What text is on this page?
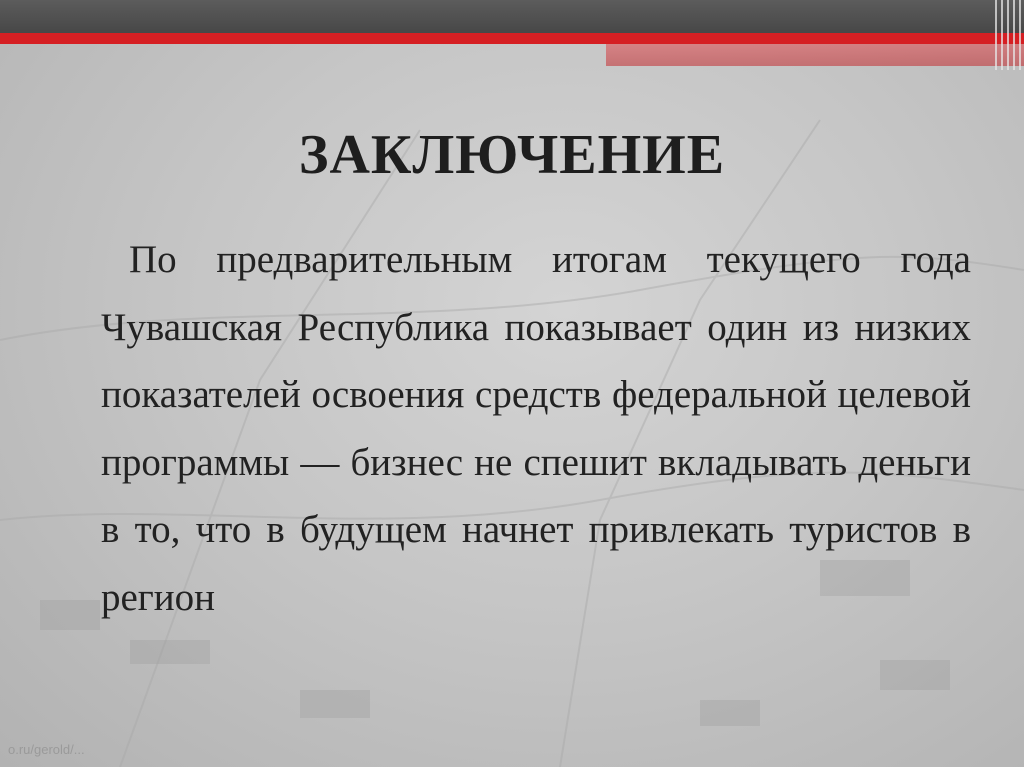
ЗАКЛЮЧЕНИЕ

По предварительным итогам текущего года Чувашская Республика показывает один из низких показателей освоения средств федеральной целевой программы — бизнес не спешит вкладывать деньги в то, что в будущем начнет привлекать туристов в регион

o.ru/gerold/...
